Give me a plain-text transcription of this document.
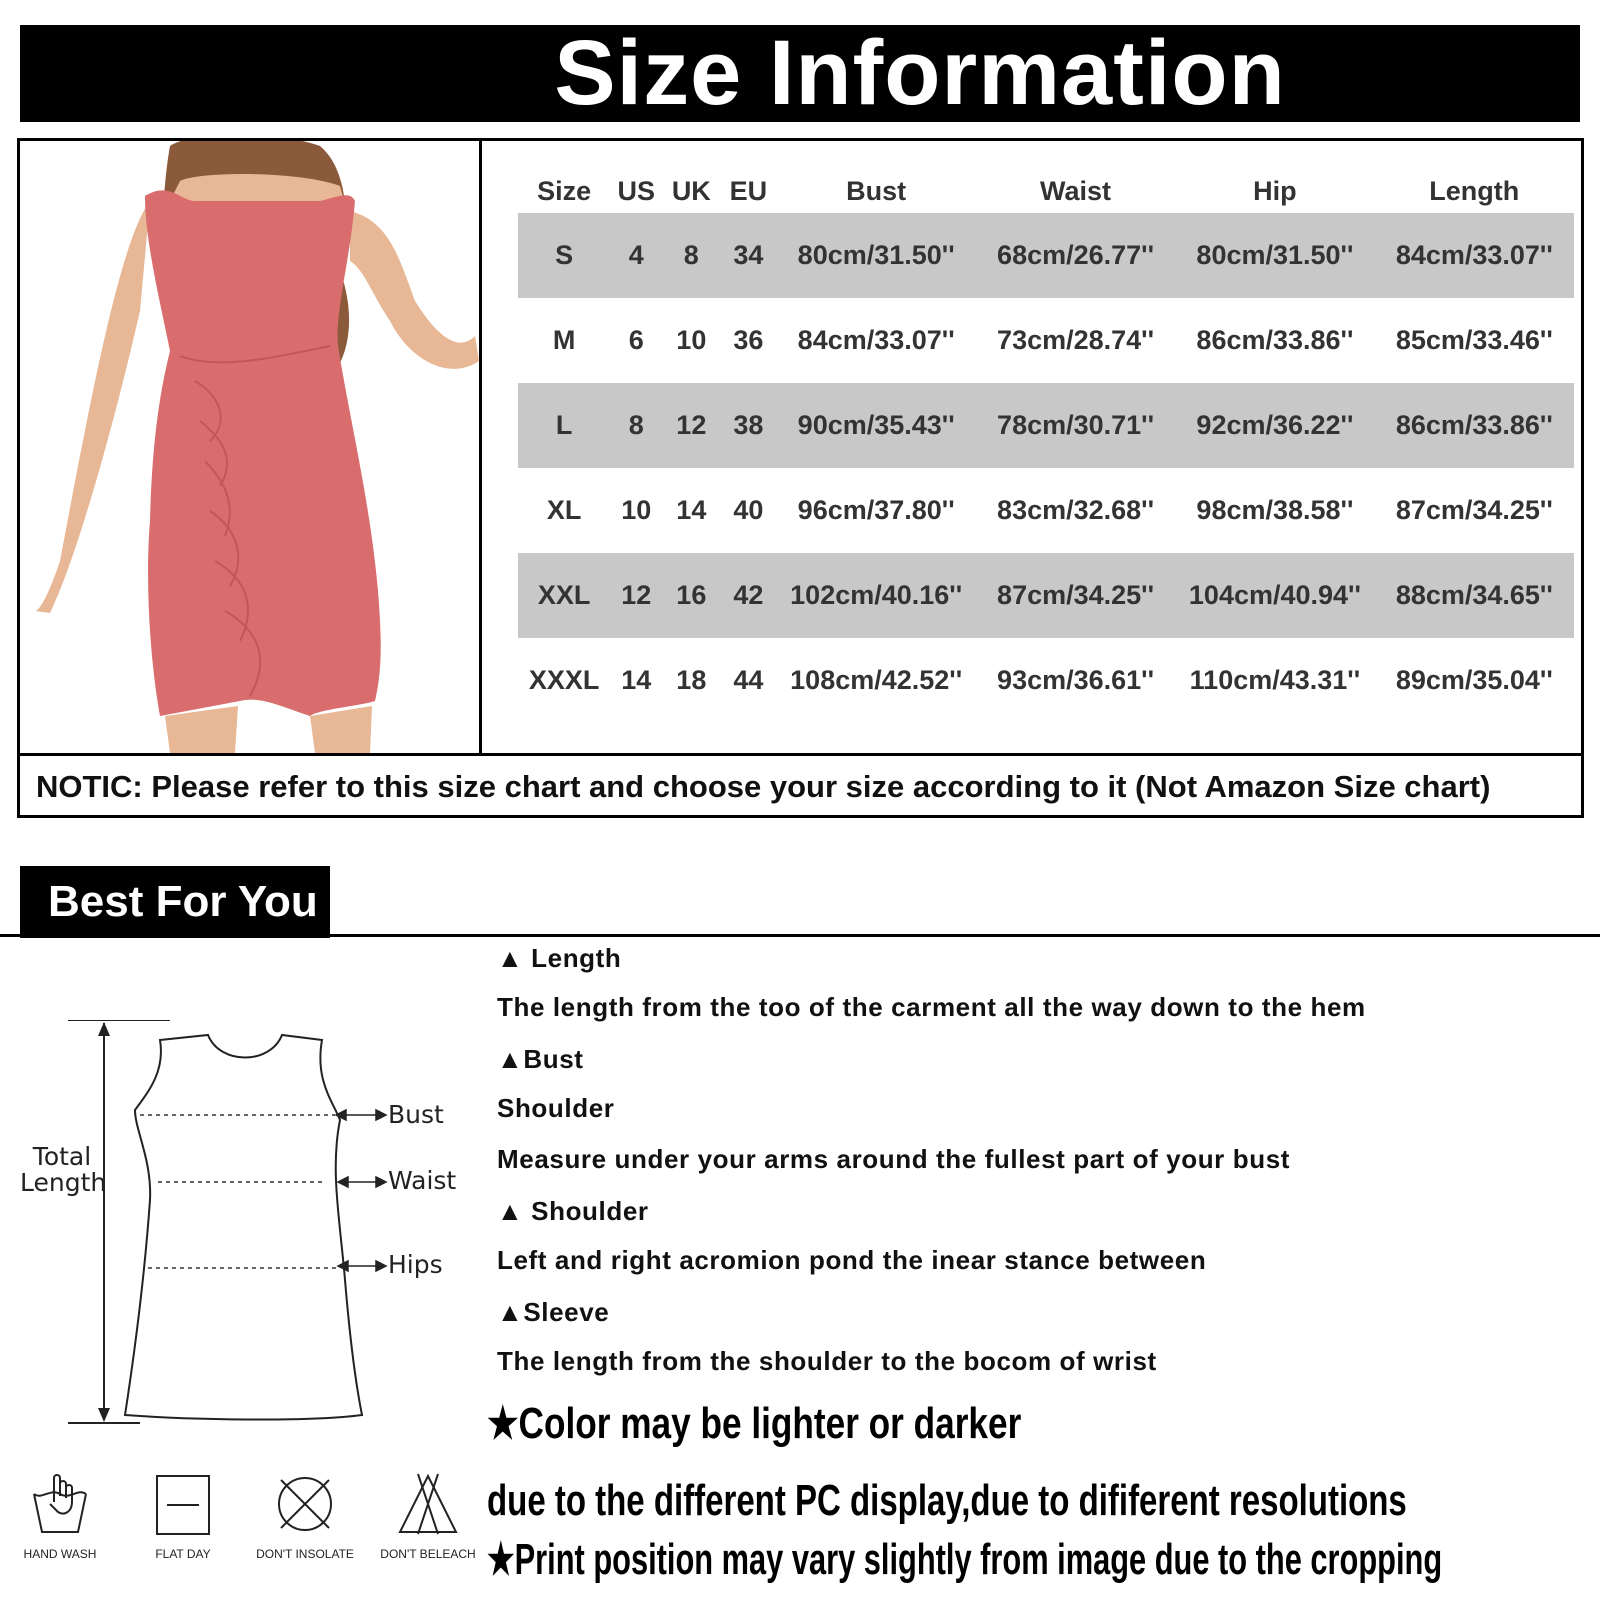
Size Information
Size	US	UK	EU	Bust	Waist	Hip	Length
S	4	8	34	80cm/31.50''	68cm/26.77''	80cm/31.50''	84cm/33.07''
M	6	10	36	84cm/33.07''	73cm/28.74''	86cm/33.86''	85cm/33.46''
L	8	12	38	90cm/35.43''	78cm/30.71''	92cm/36.22''	86cm/33.86''
XL	10	14	40	96cm/37.80''	83cm/32.68''	98cm/38.58''	87cm/34.25''
XXL	12	16	42	102cm/40.16''	87cm/34.25''	104cm/40.94''	88cm/34.65''
XXXL	14	18	44	108cm/42.52''	93cm/36.61''	110cm/43.31''	89cm/35.04''
NOTIC: Please refer to this size chart and choose your size according to it (Not Amazon Size chart)
Best For You
Total
Length
Bust
Waist
Hips
HAND WASH	FLAT DAY	DON'T INSOLATE	DON'T BELEACH
▲ Length
The length from the too of the carment all the way down to the hem
▲Bust
Shoulder
Measure under your arms around the fullest part of your bust
▲ Shoulder
Left and right acromion pond the inear stance between
▲Sleeve
The length from the shoulder to the bocom of wrist
★Color may be lighter or darker
due to the different PC display,due to dififerent resolutions
★Print position may vary slightly from image due to the cropping
